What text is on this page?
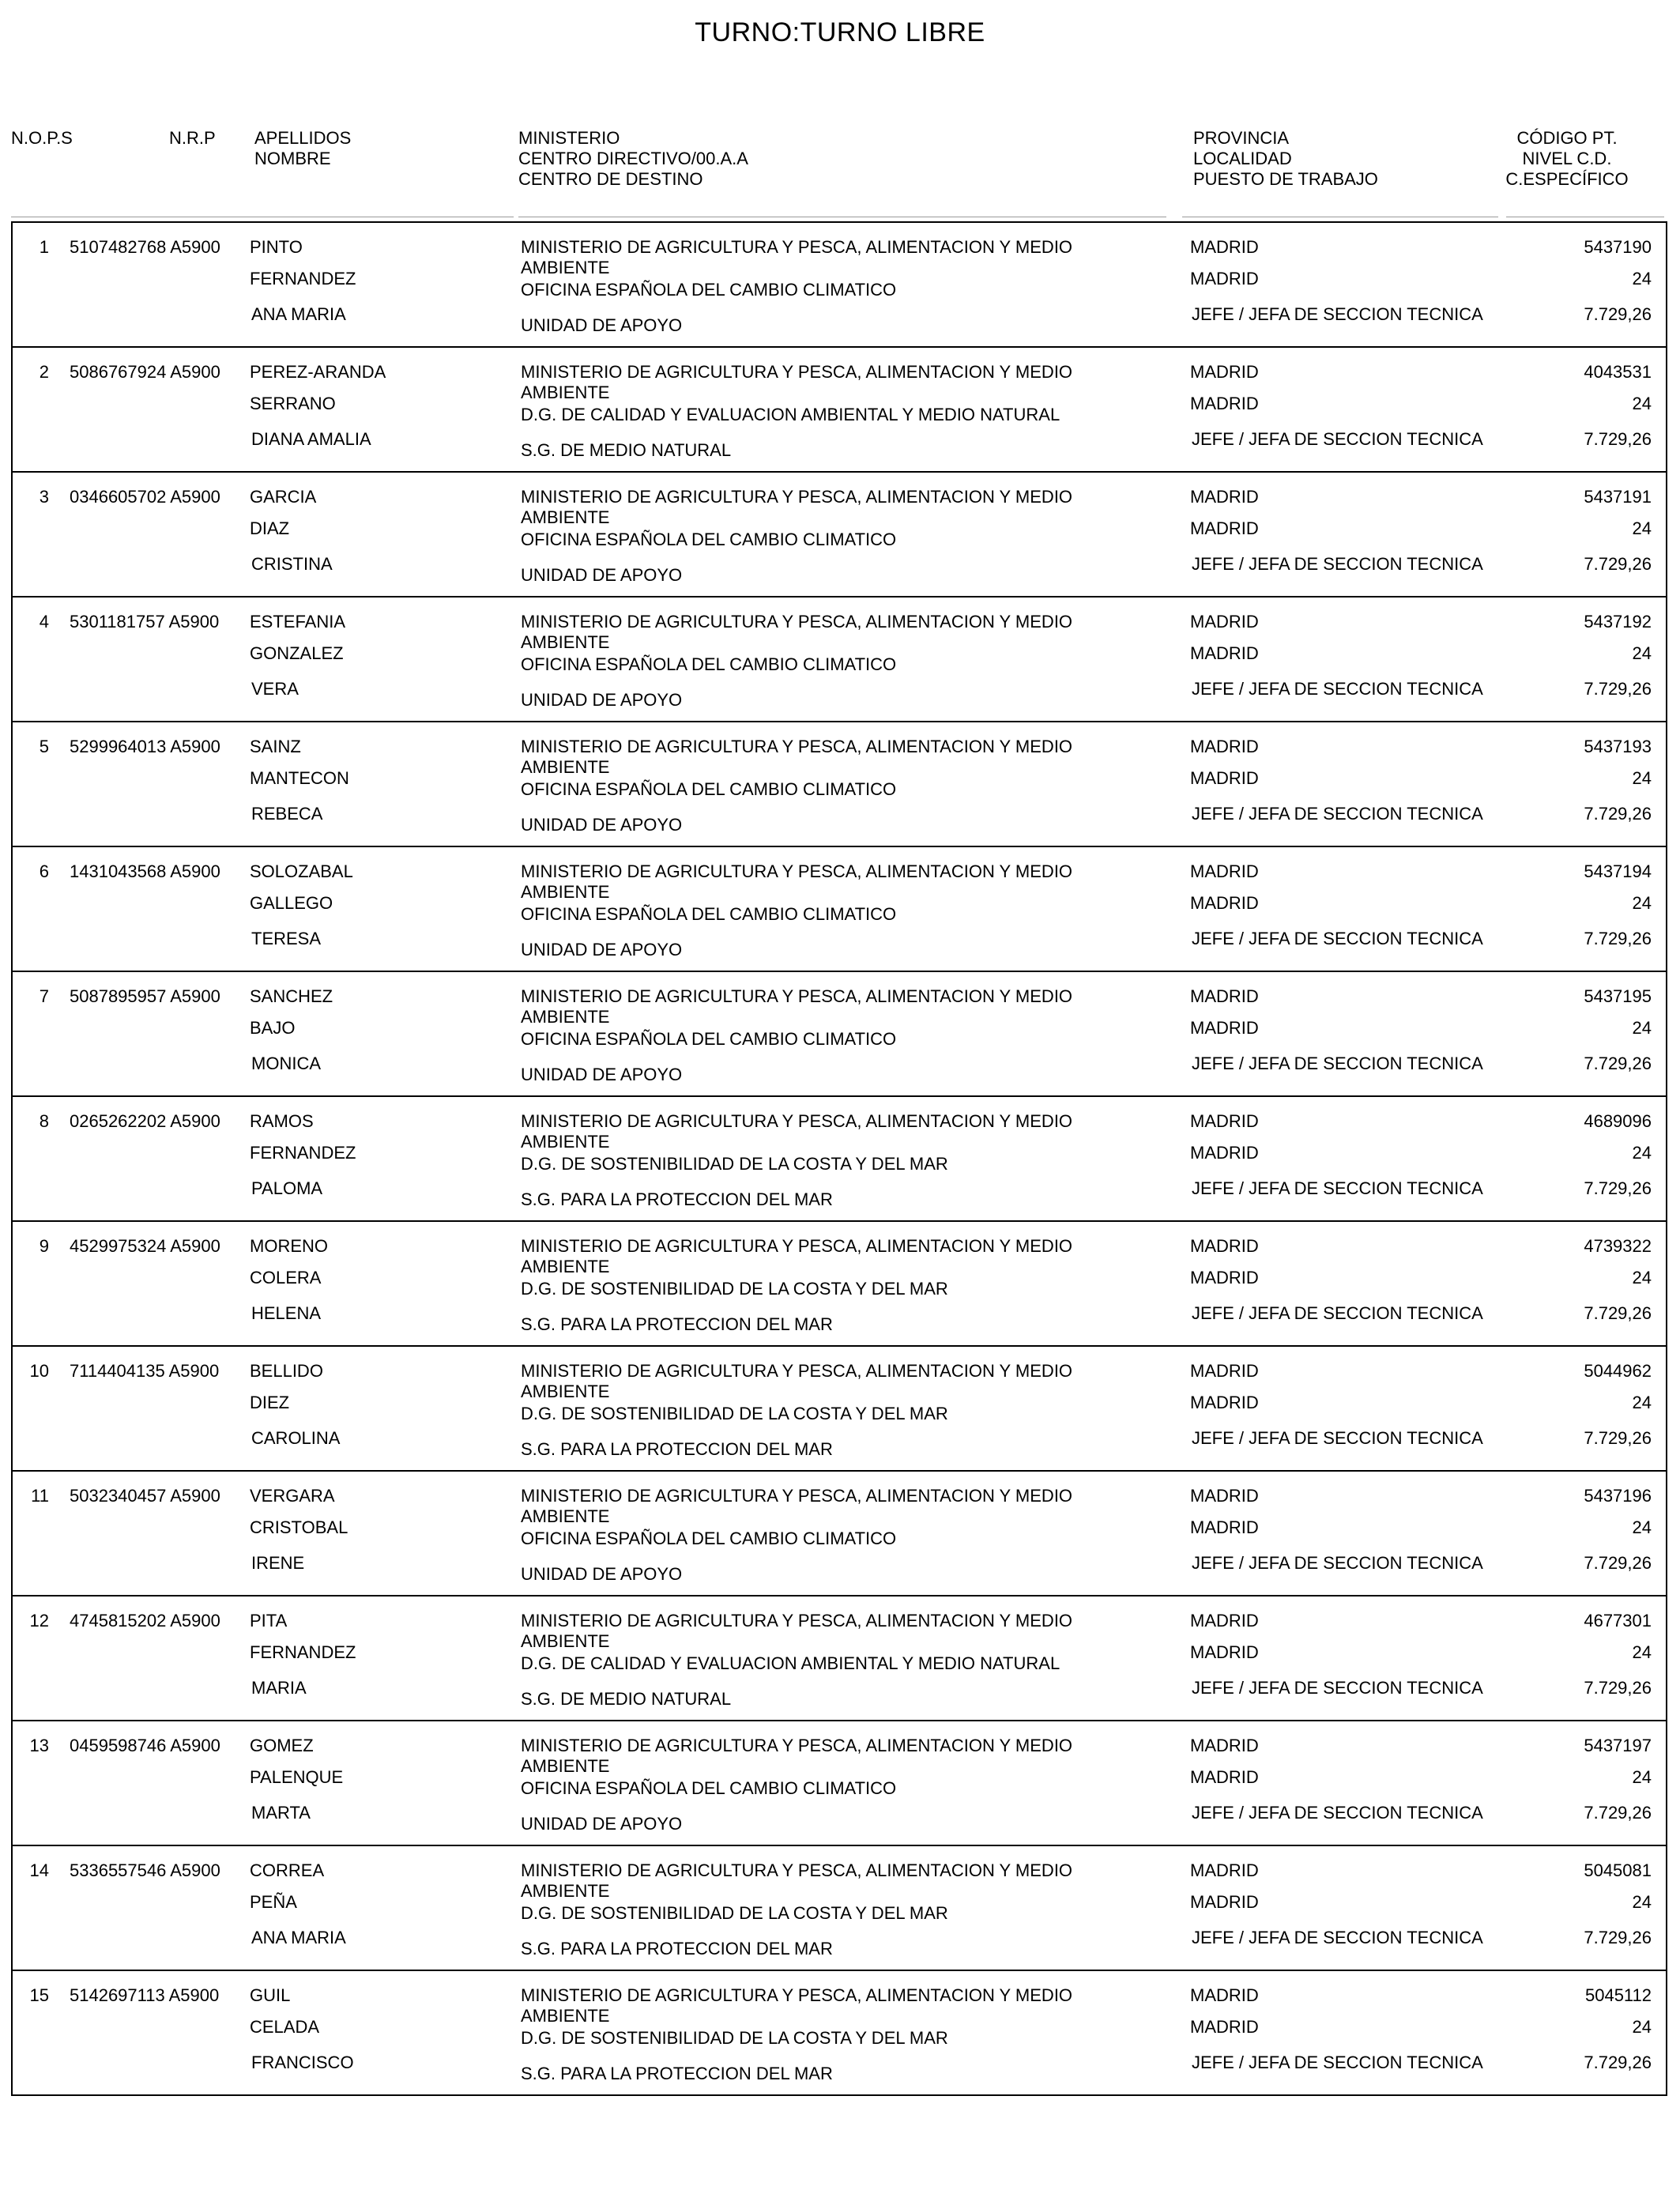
TURNO:TURNO LIBRE
N.O.P.S	N.R.P APELLIDOS
NOMBRE
MINISTERIO
CENTRO DIRECTIVO/00.A.A
CENTRO DE DESTINO
PROVINCIA
LOCALIDAD
PUESTO DE TRABAJO
CÓDIGO PT.
NIVEL C.D.
C.ESPECÍFICO
1 5107482768 A5900 PINTO
FERNANDEZ
ANA MARIA
MINISTERIO DE AGRICULTURA Y PESCA, ALIMENTACION Y MEDIO
AMBIENTE
OFICINA ESPAÑOLA DEL CAMBIO CLIMATICO
UNIDAD DE APOYO
MADRID
MADRID
JEFE / JEFA DE SECCION TECNICA
5437190
24
7.729,26
2 5086767924 A5900 PEREZ-ARANDA
SERRANO
DIANA AMALIA
MINISTERIO DE AGRICULTURA Y PESCA, ALIMENTACION Y MEDIO
AMBIENTE
D.G. DE CALIDAD Y EVALUACION AMBIENTAL Y MEDIO NATURAL
S.G. DE MEDIO NATURAL
MADRID
MADRID
JEFE / JEFA DE SECCION TECNICA
4043531
24
7.729,26
3 0346605702 A5900 GARCIA
DIAZ
CRISTINA
MINISTERIO DE AGRICULTURA Y PESCA, ALIMENTACION Y MEDIO
AMBIENTE
OFICINA ESPAÑOLA DEL CAMBIO CLIMATICO
UNIDAD DE APOYO
MADRID
MADRID
JEFE / JEFA DE SECCION TECNICA
5437191
24
7.729,26
4 5301181757 A5900 ESTEFANIA
GONZALEZ
VERA
MINISTERIO DE AGRICULTURA Y PESCA, ALIMENTACION Y MEDIO
AMBIENTE
OFICINA ESPAÑOLA DEL CAMBIO CLIMATICO
UNIDAD DE APOYO
MADRID
MADRID
JEFE / JEFA DE SECCION TECNICA
5437192
24
7.729,26
5 5299964013 A5900 SAINZ
MANTECON
REBECA
MINISTERIO DE AGRICULTURA Y PESCA, ALIMENTACION Y MEDIO
AMBIENTE
OFICINA ESPAÑOLA DEL CAMBIO CLIMATICO
UNIDAD DE APOYO
MADRID
MADRID
JEFE / JEFA DE SECCION TECNICA
5437193
24
7.729,26
6 1431043568 A5900 SOLOZABAL
GALLEGO
TERESA
MINISTERIO DE AGRICULTURA Y PESCA, ALIMENTACION Y MEDIO
AMBIENTE
OFICINA ESPAÑOLA DEL CAMBIO CLIMATICO
UNIDAD DE APOYO
MADRID
MADRID
JEFE / JEFA DE SECCION TECNICA
5437194
24
7.729,26
7 5087895957 A5900 SANCHEZ
BAJO
MONICA
MINISTERIO DE AGRICULTURA Y PESCA, ALIMENTACION Y MEDIO
AMBIENTE
OFICINA ESPAÑOLA DEL CAMBIO CLIMATICO
UNIDAD DE APOYO
MADRID
MADRID
JEFE / JEFA DE SECCION TECNICA
5437195
24
7.729,26
8 0265262202 A5900 RAMOS
FERNANDEZ
PALOMA
MINISTERIO DE AGRICULTURA Y PESCA, ALIMENTACION Y MEDIO
AMBIENTE
D.G. DE SOSTENIBILIDAD DE LA COSTA Y DEL MAR
S.G. PARA LA PROTECCION DEL MAR
MADRID
MADRID
JEFE / JEFA DE SECCION TECNICA
4689096
24
7.729,26
9 4529975324 A5900 MORENO
COLERA
HELENA
MINISTERIO DE AGRICULTURA Y PESCA, ALIMENTACION Y MEDIO
AMBIENTE
D.G. DE SOSTENIBILIDAD DE LA COSTA Y DEL MAR
S.G. PARA LA PROTECCION DEL MAR
MADRID
MADRID
JEFE / JEFA DE SECCION TECNICA
4739322
24
7.729,26
10 7114404135 A5900 BELLIDO
DIEZ
CAROLINA
MINISTERIO DE AGRICULTURA Y PESCA, ALIMENTACION Y MEDIO
AMBIENTE
D.G. DE SOSTENIBILIDAD DE LA COSTA Y DEL MAR
S.G. PARA LA PROTECCION DEL MAR
MADRID
MADRID
JEFE / JEFA DE SECCION TECNICA
5044962
24
7.729,26
11 5032340457 A5900 VERGARA
CRISTOBAL
IRENE
MINISTERIO DE AGRICULTURA Y PESCA, ALIMENTACION Y MEDIO
AMBIENTE
OFICINA ESPAÑOLA DEL CAMBIO CLIMATICO
UNIDAD DE APOYO
MADRID
MADRID
JEFE / JEFA DE SECCION TECNICA
5437196
24
7.729,26
12 4745815202 A5900 PITA
FERNANDEZ
MARIA
MINISTERIO DE AGRICULTURA Y PESCA, ALIMENTACION Y MEDIO
AMBIENTE
D.G. DE CALIDAD Y EVALUACION AMBIENTAL Y MEDIO NATURAL
S.G. DE MEDIO NATURAL
MADRID
MADRID
JEFE / JEFA DE SECCION TECNICA
4677301
24
7.729,26
13 0459598746 A5900 GOMEZ
PALENQUE
MARTA
MINISTERIO DE AGRICULTURA Y PESCA, ALIMENTACION Y MEDIO
AMBIENTE
OFICINA ESPAÑOLA DEL CAMBIO CLIMATICO
UNIDAD DE APOYO
MADRID
MADRID
JEFE / JEFA DE SECCION TECNICA
5437197
24
7.729,26
14 5336557546 A5900 CORREA
PEÑA
ANA MARIA
MINISTERIO DE AGRICULTURA Y PESCA, ALIMENTACION Y MEDIO
AMBIENTE
D.G. DE SOSTENIBILIDAD DE LA COSTA Y DEL MAR
S.G. PARA LA PROTECCION DEL MAR
MADRID
MADRID
JEFE / JEFA DE SECCION TECNICA
5045081
24
7.729,26
15 5142697113 A5900 GUIL
CELADA
FRANCISCO
MINISTERIO DE AGRICULTURA Y PESCA, ALIMENTACION Y MEDIO
AMBIENTE
D.G. DE SOSTENIBILIDAD DE LA COSTA Y DEL MAR
S.G. PARA LA PROTECCION DEL MAR
MADRID
MADRID
JEFE / JEFA DE SECCION TECNICA
5045112
24
7.729,26
